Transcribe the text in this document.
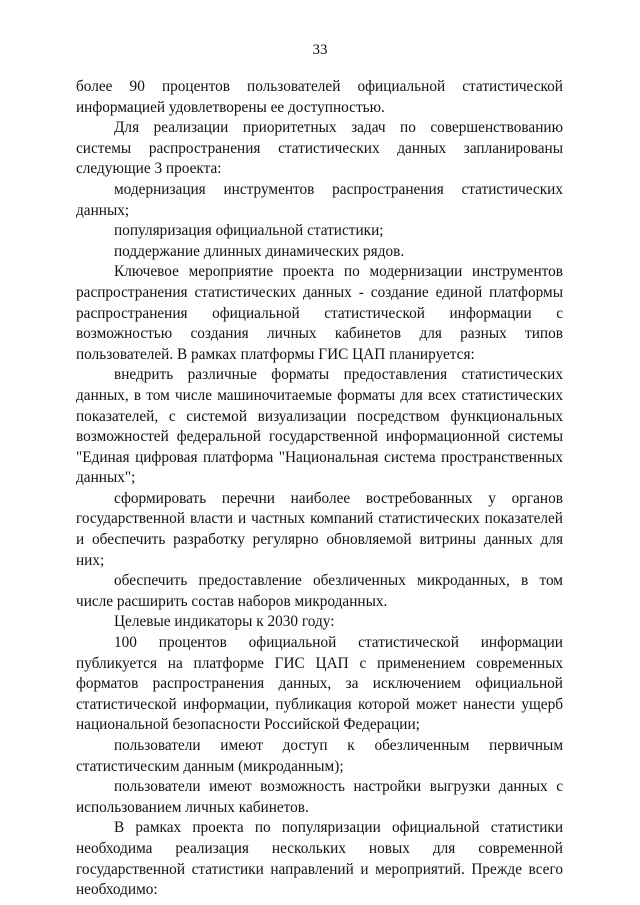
33

более 90 процентов пользователей официальной статистической информацией удовлетворены ее доступностью.

Для реализации приоритетных задач по совершенствованию системы распространения статистических данных запланированы следующие 3 проекта:

модернизация инструментов распространения статистических данных;

популяризация официальной статистики;

поддержание длинных динамических рядов.

Ключевое мероприятие проекта по модернизации инструментов распространения статистических данных - создание единой платформы распространения официальной статистической информации с возможностью создания личных кабинетов для разных типов пользователей. В рамках платформы ГИС ЦАП планируется:

внедрить различные форматы предоставления статистических данных, в том числе машиночитаемые форматы для всех статистических показателей, с системой визуализации посредством функциональных возможностей федеральной государственной информационной системы "Единая цифровая платформа "Национальная система пространственных данных";

сформировать перечни наиболее востребованных у органов государственной власти и частных компаний статистических показателей и обеспечить разработку регулярно обновляемой витрины данных для них;

обеспечить предоставление обезличенных микроданных, в том числе расширить состав наборов микроданных.

Целевые индикаторы к 2030 году:

100 процентов официальной статистической информации публикуется на платформе ГИС ЦАП с применением современных форматов распространения данных, за исключением официальной статистической информации, публикация которой может нанести ущерб национальной безопасности Российской Федерации;

пользователи имеют доступ к обезличенным первичным статистическим данным (микроданным);

пользователи имеют возможность настройки выгрузки данных с использованием личных кабинетов.

В рамках проекта по популяризации официальной статистики необходима реализация нескольких новых для современной государственной статистики направлений и мероприятий. Прежде всего необходимо:
